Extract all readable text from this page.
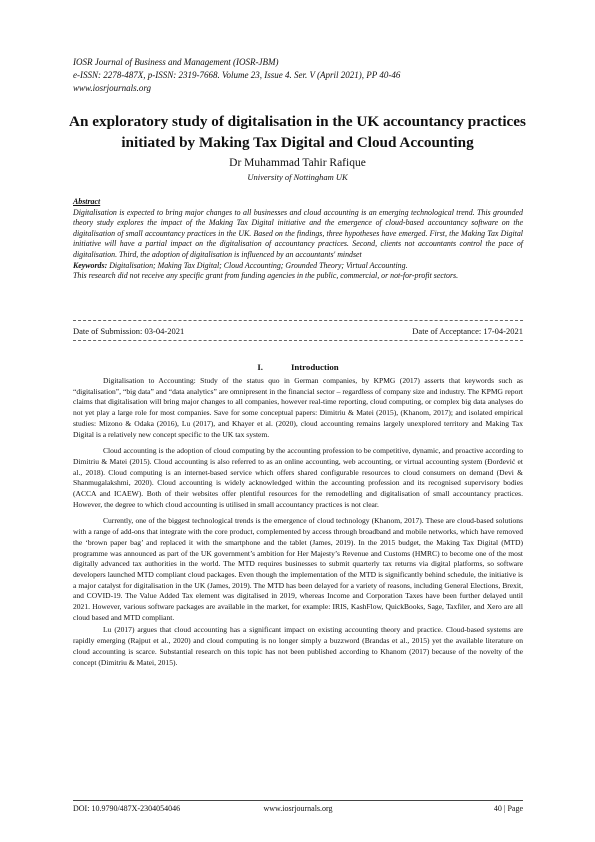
IOSR Journal of Business and Management (IOSR-JBM)
e-ISSN: 2278-487X, p-ISSN: 2319-7668. Volume 23, Issue 4. Ser. V (April 2021), PP 40-46
www.iosrjournals.org
An exploratory study of digitalisation in the UK accountancy practices initiated by Making Tax Digital and Cloud Accounting
Dr Muhammad Tahir Rafique
University of Nottingham UK
Abstract

Digitalisation is expected to bring major changes to all businesses and cloud accounting is an emerging technological trend. This grounded theory study explores the impact of the Making Tax Digital initiative and the emergence of cloud-based accountancy software on the digitalisation of small accountancy practices in the UK. Based on the findings, three hypotheses have emerged. First, the Making Tax Digital initiative will have a partial impact on the digitalisation of accountancy practices. Second, clients not accountants control the pace of digitalisation. Third, the adoption of digitalisation is influenced by an accountants' mindset

Keywords: Digitalisation; Making Tax Digital; Cloud Accounting; Grounded Theory; Virtual Accounting.
This research did not receive any specific grant from funding agencies in the public, commercial, or not-for-profit sectors.
Date of Submission: 03-04-2021	Date of Acceptance: 17-04-2021
I.	Introduction

Digitalisation to Accounting: Study of the status quo in German companies, by KPMG (2017) asserts that keywords such as “digitalisation”, “big data” and “data analytics” are omnipresent in the financial sector – regardless of company size and industry. The KPMG report claims that digitalisation will bring major changes to all companies, however real-time reporting, cloud computing, or complex big data analyses do not yet play a large role for most companies. Save for some conceptual papers: Dimitriu & Matei (2015), (Khanom, 2017); and isolated empirical studies: Mizono & Odaka (2016), Lu (2017), and Khayer et al. (2020), cloud accounting remains largely unexplored territory and Making Tax Digital is a relatively new concept specific to the UK tax system.

Cloud accounting is the adoption of cloud computing by the accounting profession to be competitive, dynamic, and proactive according to Dimitriu & Matei (2015). Cloud accounting is also referred to as an online accounting, web accounting, or virtual accounting system (Đorđević et al., 2018). Cloud computing is an internet-based service which offers shared configurable resources to cloud consumers on demand (Devi & Shanmugalakshmi, 2020). Cloud accounting is widely acknowledged within the accounting profession and its recognised supervisory bodies (ACCA and ICAEW). Both of their websites offer plentiful resources for the remodelling and digitalisation of small accountancy practices. However, the degree to which cloud accounting is utilised in small accountancy practices is not clear.

Currently, one of the biggest technological trends is the emergence of cloud technology (Khanom, 2017). These are cloud-based solutions with a range of add-ons that integrate with the core product, complemented by access through broadband and mobile networks, which have removed the ‘brown paper bag’ and replaced it with the smartphone and the tablet (James, 2019). In the 2015 budget, the Making Tax Digital (MTD) programme was announced as part of the UK government’s ambition for Her Majesty’s Revenue and Customs (HMRC) to become one of the most digitally advanced tax authorities in the world. The MTD requires businesses to submit quarterly tax returns via digital platforms, so software developers launched MTD compliant cloud packages. Even though the implementation of the MTD is significantly behind schedule, the initiative is a major catalyst for digitalisation in the UK (James, 2019). The MTD has been delayed for a variety of reasons, including General Elections, Brexit, and COVID-19. The Value Added Tax element was digitalised in 2019, whereas Income and Corporation Taxes have been further delayed until 2021. However, various software packages are available in the market, for example: IRIS, KashFlow, QuickBooks, Sage, Taxfiler, and Xero are all cloud based and MTD compliant.

Lu (2017) argues that cloud accounting has a significant impact on existing accounting theory and practice. Cloud-based systems are rapidly emerging (Rajput et al., 2020) and cloud computing is no longer simply a buzzword (Brandas et al., 2015) yet the available literature on cloud accounting is scarce. Substantial research on this topic has not been published according to Khanom (2017) because of the novelty of the concept (Dimitriu & Matei, 2015).

DOI: 10.9790/487X-2304054046	www.iosrjournals.org	40 | Page
